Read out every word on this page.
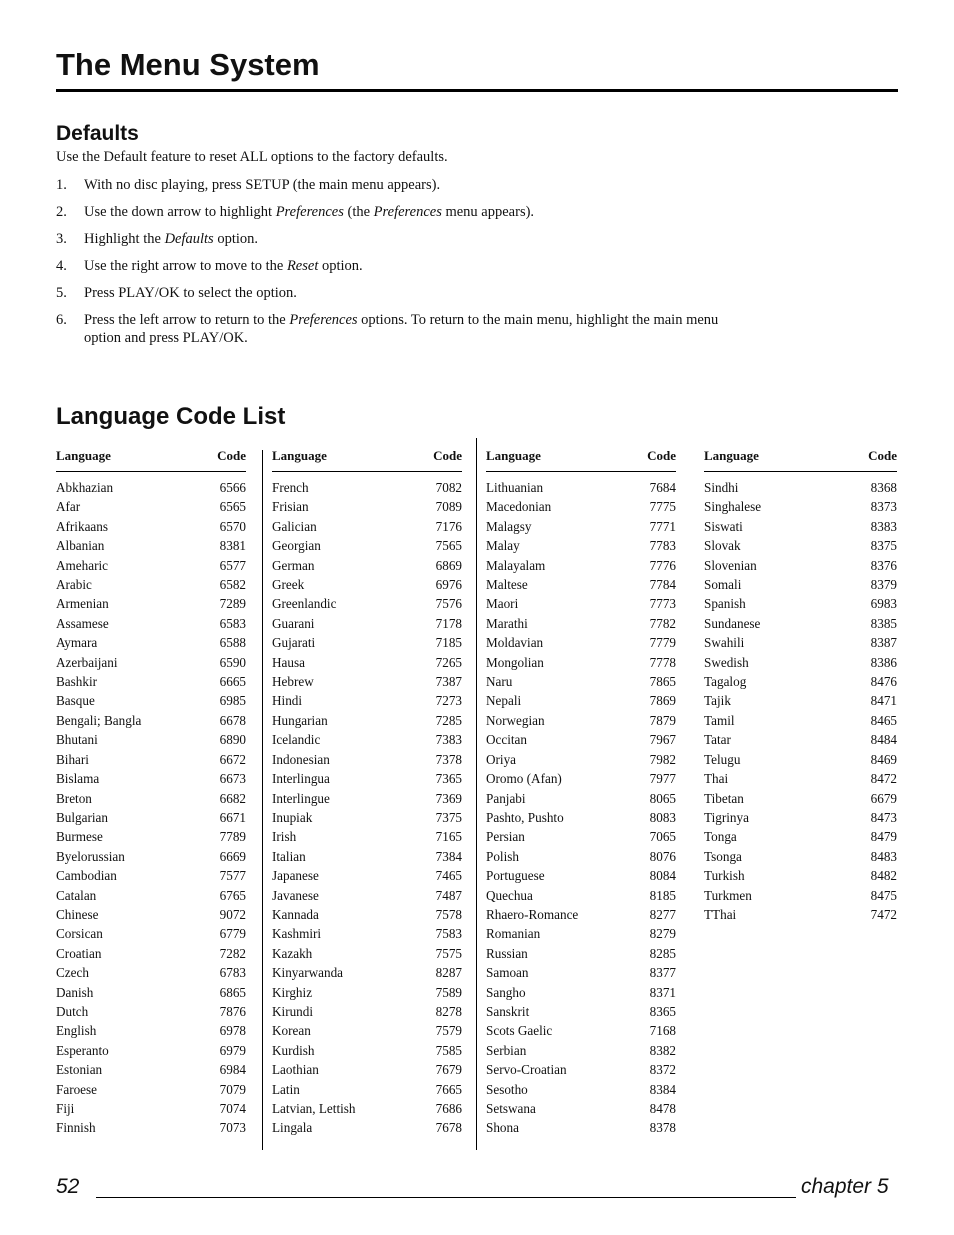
The Menu System
Defaults

Use the Default feature to reset ALL options to the factory defaults.

1. With no disc playing, press SETUP (the main menu appears).
2. Use the down arrow to highlight Preferences (the Preferences menu appears).
3. Highlight the Defaults option.
4. Use the right arrow to move to the Reset option.
5. Press PLAY/OK to select the option.
6. Press the left arrow to return to the Preferences options. To return to the main menu, highlight the main menu option and press PLAY/OK.
Language Code List
Language	Code
Abkhazian	6566
Afar	6565
Afrikaans	6570
Albanian	8381
Ameharic	6577
Arabic	6582
Armenian	7289
Assamese	6583
Aymara	6588
Azerbaijani	6590
Bashkir	6665
Basque	6985
Bengali; Bangla	6678
Bhutani	6890
Bihari	6672
Bislama	6673
Breton	6682
Bulgarian	6671
Burmese	7789
Byelorussian	6669
Cambodian	7577
Catalan	6765
Chinese	9072
Corsican	6779
Croatian	7282
Czech	6783
Danish	6865
Dutch	7876
English	6978
Esperanto	6979
Estonian	6984
Faroese	7079
Fiji	7074
Finnish	7073
Language	Code
French	7082
Frisian	7089
Galician	7176
Georgian	7565
German	6869
Greek	6976
Greenlandic	7576
Guarani	7178
Gujarati	7185
Hausa	7265
Hebrew	7387
Hindi	7273
Hungarian	7285
Icelandic	7383
Indonesian	7378
Interlingua	7365
Interlingue	7369
Inupiak	7375
Irish	7165
Italian	7384
Japanese	7465
Javanese	7487
Kannada	7578
Kashmiri	7583
Kazakh	7575
Kinyarwanda	8287
Kirghiz	7589
Kirundi	8278
Korean	7579
Kurdish	7585
Laothian	7679
Latin	7665
Latvian, Lettish	7686
Lingala	7678
Language	Code
Lithuanian	7684
Macedonian	7775
Malagsy	7771
Malay	7783
Malayalam	7776
Maltese	7784
Maori	7773
Marathi	7782
Moldavian	7779
Mongolian	7778
Naru	7865
Nepali	7869
Norwegian	7879
Occitan	7967
Oriya	7982
Oromo (Afan)	7977
Panjabi	8065
Pashto, Pushto	8083
Persian	7065
Polish	8076
Portuguese	8084
Quechua	8185
Rhaero-Romance	8277
Romanian	8279
Russian	8285
Samoan	8377
Sangho	8371
Sanskrit	8365
Scots Gaelic	7168
Serbian	8382
Servo-Croatian	8372
Sesotho	8384
Setswana	8478
Shona	8378
Language	Code
Sindhi	8368
Singhalese	8373
Siswati	8383
Slovak	8375
Slovenian	8376
Somali	8379
Spanish	6983
Sundanese	8385
Swahili	8387
Swedish	8386
Tagalog	8476
Tajik	8471
Tamil	8465
Tatar	8484
Telugu	8469
Thai	8472
Tibetan	6679
Tigrinya	8473
Tonga	8479
Tsonga	8483
Turkish	8482
Turkmen	8475
TThai	7472
52	chapter 5
